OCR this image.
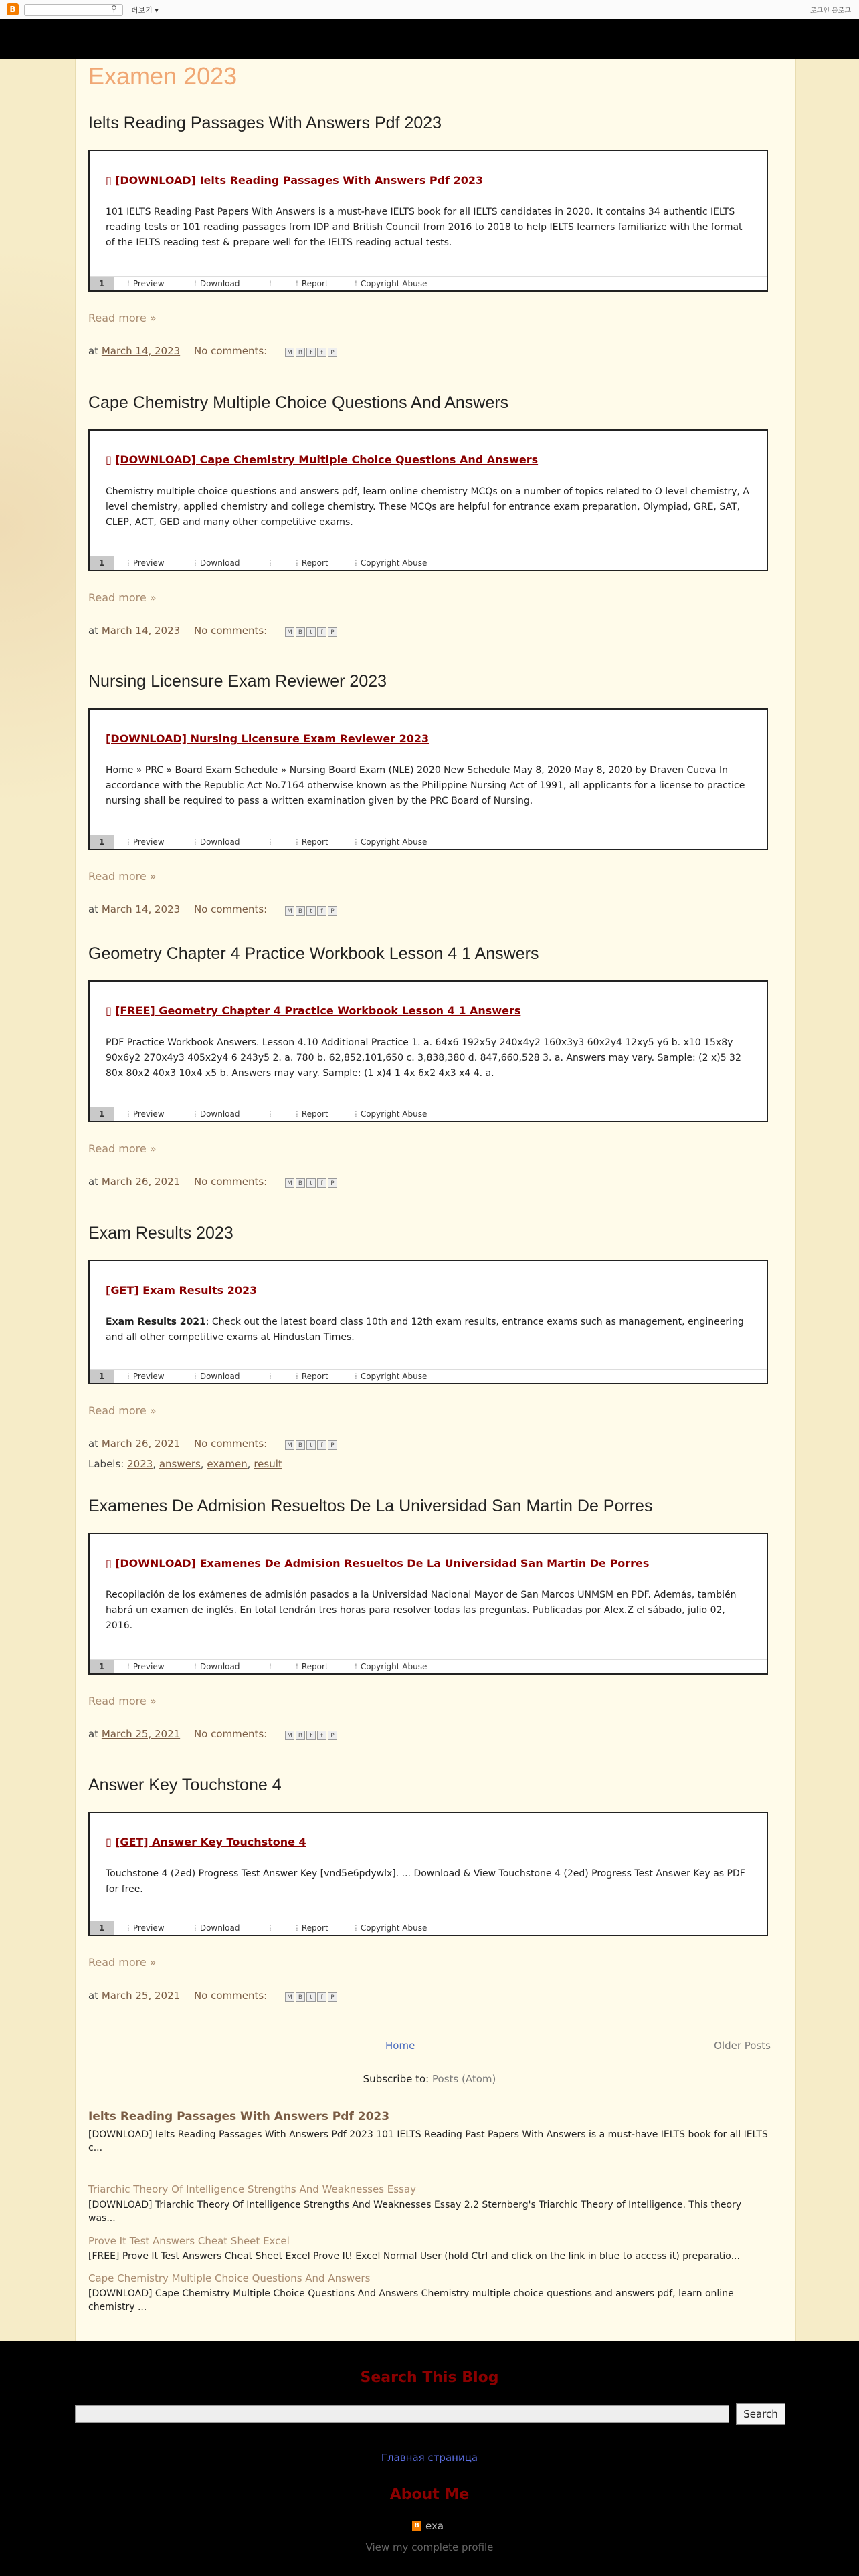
B	⚲ 더보기 ▾	블로그
로그인
Examen 2023
Ielts Reading Passages With Answers Pdf 2023
▯ [DOWNLOAD] Ielts Reading Passages With Answers Pdf 2023

101 IELTS Reading Past Papers With Answers is a must-have IELTS book for all IELTS candidates in 2020. It contains 34 authentic IELTS reading tests or 101 reading passages from IDP and British Council from 2016 to 2018 to help IELTS learners familiarize with the format of the IELTS reading test & prepare well for the IELTS reading actual tests.

1	⁞ Preview	⁞ Download	⁞	⁞ Report	⁞ Copyright Abuse
Read more »
at March 14, 2023 No comments:	M	B	t	f	P
Cape Chemistry Multiple Choice Questions And Answers
▯ [DOWNLOAD] Cape Chemistry Multiple Choice Questions And Answers

Chemistry multiple choice questions and answers pdf, learn online chemistry MCQs on a number of topics related to O level chemistry, A level chemistry, applied chemistry and college chemistry. These MCQs are helpful for entrance exam preparation, Olympiad, GRE, SAT, CLEP, ACT, GED and many other competitive exams.

1	⁞ Preview	⁞ Download	⁞	⁞ Report	⁞ Copyright Abuse
Read more »
at March 14, 2023 No comments:	M	B	t	f	P
Nursing Licensure Exam Reviewer 2023
[DOWNLOAD] Nursing Licensure Exam Reviewer 2023

Home » PRC » Board Exam Schedule » Nursing Board Exam (NLE) 2020 New Schedule May 8, 2020 May 8, 2020 by Draven Cueva In accordance with the Republic Act No.7164 otherwise known as the Philippine Nursing Act of 1991, all applicants for a license to practice nursing shall be required to pass a written examination given by the PRC Board of Nursing.

1	⁞ Preview	⁞ Download	⁞	⁞ Report	⁞ Copyright Abuse
Read more »
at March 14, 2023 No comments:	M	B	t	f	P
Geometry Chapter 4 Practice Workbook Lesson 4 1 Answers
▯ [FREE] Geometry Chapter 4 Practice Workbook Lesson 4 1 Answers

PDF Practice Workbook Answers. Lesson 4.10 Additional Practice 1. a. 64x6 192x5y 240x4y2 160x3y3 60x2y4 12xy5 y6 b. x10 15x8y 90x6y2 270x4y3 405x2y4 6 243y5 2. a. 780 b. 62,852,101,650 c. 3,838,380 d. 847,660,528 3. a. Answers may vary. Sample: (2 x)5 32 80x 80x2 40x3 10x4 x5 b. Answers may vary. Sample: (1 x)4 1 4x 6x2 4x3 x4 4. a.

1	⁞ Preview	⁞ Download	⁞	⁞ Report	⁞ Copyright Abuse
Read more »
at March 26, 2021 No comments:	M	B	t	f	P
Exam Results 2023
[GET] Exam Results 2023

Exam Results 2021: Check out the latest board class 10th and 12th exam results, entrance exams such as management, engineering and all other competitive exams at Hindustan Times.

1	⁞ Preview	⁞ Download	⁞	⁞ Report	⁞ Copyright Abuse
Read more »
at March 26, 2021 No comments:	M	B	t	f	P
Labels: 2023, answers, examen, result
Examenes De Admision Resueltos De La Universidad San Martin De Porres
▯ [DOWNLOAD] Examenes De Admision Resueltos De La Universidad San Martin De Porres

Recopilación de los exámenes de admisión pasados a la Universidad Nacional Mayor de San Marcos UNMSM en PDF. Además, también habrá un examen de inglés. En total tendrán tres horas para resolver todas las preguntas. Publicadas por Alex.Z el sábado, julio 02, 2016.

1	⁞ Preview	⁞ Download	⁞	⁞ Report	⁞ Copyright Abuse
Read more »
at March 25, 2021 No comments:	M	B	t	f	P
Answer Key Touchstone 4
▯ [GET] Answer Key Touchstone 4

Touchstone 4 (2ed) Progress Test Answer Key [vnd5e6pdywlx]. ... Download & View Touchstone 4 (2ed) Progress Test Answer Key as PDF for free.

1	⁞ Preview	⁞ Download	⁞	⁞ Report	⁞ Copyright Abuse
Read more »
at March 25, 2021 No comments:	M	B	t	f	P
Home	Older Posts
Subscribe to: Posts (Atom)
Ielts Reading Passages With Answers Pdf 2023
[DOWNLOAD] Ielts Reading Passages With Answers Pdf 2023 101 IELTS Reading Past Papers With Answers is a must-have IELTS book for all IELTS c...
Triarchic Theory Of Intelligence Strengths And Weaknesses Essay
[DOWNLOAD] Triarchic Theory Of Intelligence Strengths And Weaknesses Essay 2.2 Sternberg's Triarchic Theory of Intelligence. This theory was...
Prove It Test Answers Cheat Sheet Excel
[FREE] Prove It Test Answers Cheat Sheet Excel Prove It! Excel Normal User (hold Ctrl and click on the link in blue to access it) preparatio...
Cape Chemistry Multiple Choice Questions And Answers
[DOWNLOAD] Cape Chemistry Multiple Choice Questions And Answers Chemistry multiple choice questions and answers pdf, learn online chemistry ...
Search This Blog
Search
Главная страница
About Me
B exa
View my complete profile
